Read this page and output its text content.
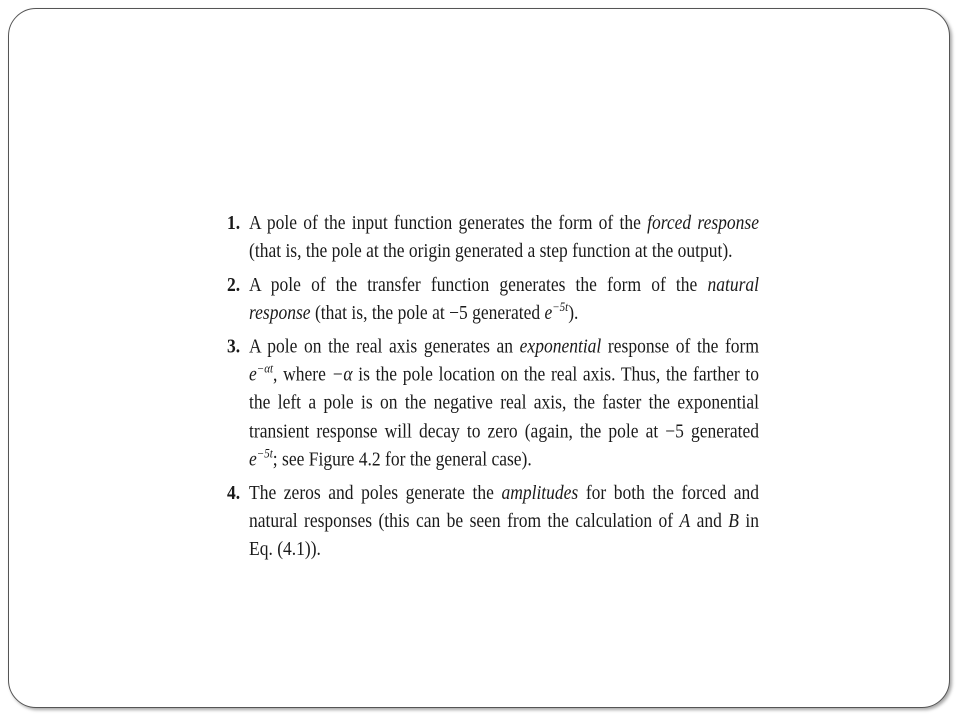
1. A pole of the input function generates the form of the forced response (that is, the pole at the origin generated a step function at the output).
2. A pole of the transfer function generates the form of the natural response (that is, the pole at −5 generated $e^{-5t}$).
3. A pole on the real axis generates an exponential response of the form $e^{-\alpha t}$, where −α is the pole location on the real axis. Thus, the farther to the left a pole is on the negative real axis, the faster the exponential transient response will decay to zero (again, the pole at −5 generated $e^{-5t}$; see Figure 4.2 for the general case).
4. The zeros and poles generate the amplitudes for both the forced and natural responses (this can be seen from the calculation of A and B in Eq. (4.1)).
